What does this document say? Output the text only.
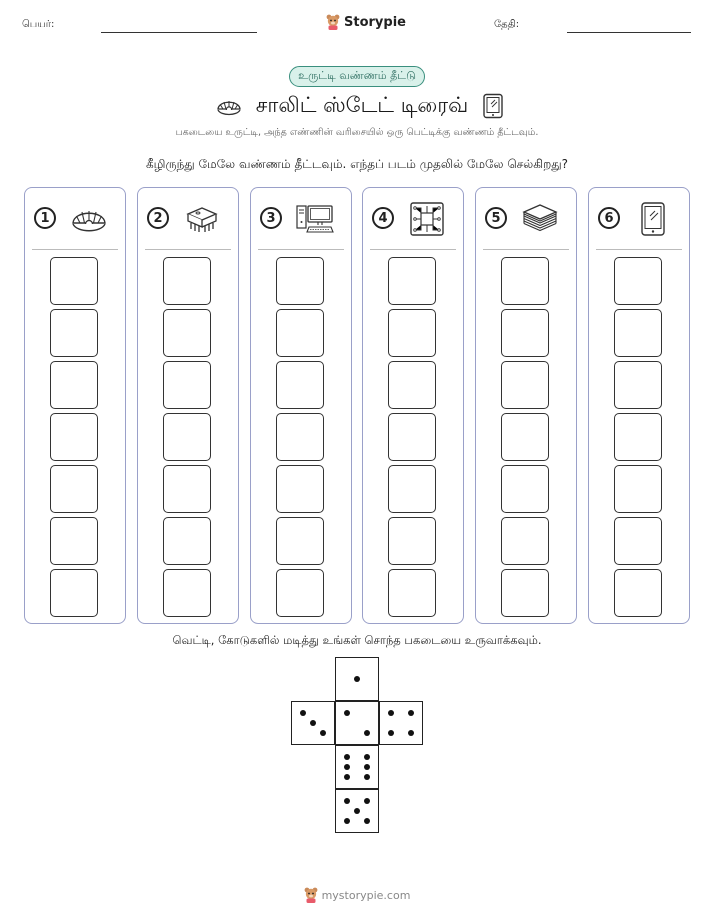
பெயர்:	Storypie	தேதி:
உருட்டி வண்ணம் தீட்டு
சாலிட் ஸ்டேட் டிரைவ்
பகடையை உருட்டி, அந்த எண்ணின் வரிசையில் ஒரு பெட்டிக்கு வண்ணம் தீட்டவும்.
கீழிருந்து மேலே வண்ணம் தீட்டவும். எந்தப் படம் முதலில் மேலே செல்கிறது?
1	2	3	4	5	6
வெட்டி, கோடுகளில் மடித்து உங்கள் சொந்த பகடையை உருவாக்கவும்.
mystorypie.com
